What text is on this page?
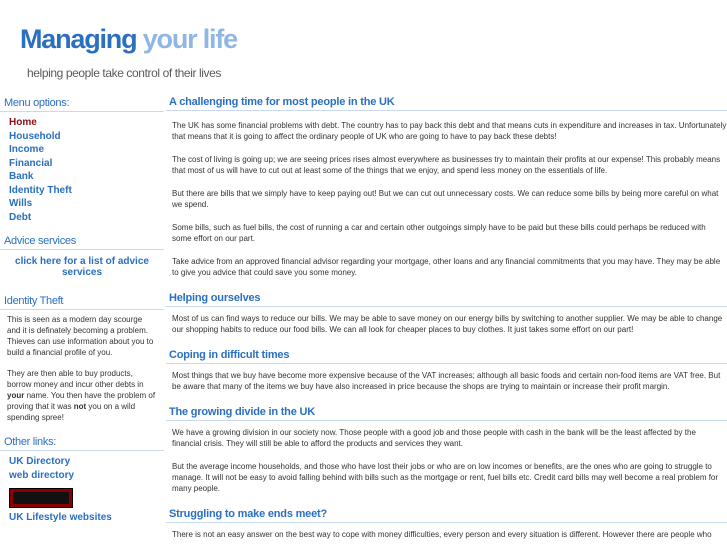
Managing your life
helping people take control of their lives
Menu options:
Home
Household
Income
Financial
Bank
Identity Theft
Wills
Debt
Advice services
click here for a list of advice services
Identity Theft

This is seen as a modern day scourge and it is definately becoming a problem. Thieves can use information about you to build a financial profile of you.

They are then able to buy products, borrow money and incur other debts in your name. You then have the problem of proving that it was not you on a wild spending spree!

Other links:
UK Directory
web directory
UK Lifestyle websites
A challenging time for most people in the UK

The UK has some financial problems with debt. The country has to pay back this debt and that means cuts in expenditure and increases in tax. Unfortunately that means that it is going to affect the ordinary people of UK who are going to have to pay back these debts!

The cost of living is going up; we are seeing prices rises almost everywhere as businesses try to maintain their profits at our expense! This probably means that most of us will have to cut out at least some of the things that we enjoy, and spend less money on the essentials of life.

But there are bills that we simply have to keep paying out! But we can cut out unnecessary costs. We can reduce some bills by being more careful on what we spend.

Some bills, such as fuel bills, the cost of running a car and certain other outgoings simply have to be paid but these bills could perhaps be reduced with some effort on our part.

Take advice from an approved financial advisor regarding your mortgage, other loans and any financial commitments that you may have. They may be able to give you advice that could save you some money.

Helping ourselves

Most of us can find ways to reduce our bills. We may be able to save money on our energy bills by switching to another supplier. We may be able to change our shopping habits to reduce our food bills. We can all look for cheaper places to buy clothes. It just takes some effort on our part!

Coping in difficult times

Most things that we buy have become more expensive because of the VAT increases; although all basic foods and certain non-food items are VAT free. But be aware that many of the items we buy have also increased in price because the shops are trying to maintain or increase their profit margin.

The growing divide in the UK

We have a growing division in our society now. Those people with a good job and those people with cash in the bank will be the least affected by the financial crisis. They will still be able to afford the products and services they want.

But the average income households, and those who have lost their jobs or who are on low incomes or benefits, are the ones who are going to struggle to manage. It will not be easy to avoid falling behind with bills such as the mortgage or rent, fuel bills etc. Credit card bills may well become a real problem for many people.

Struggling to make ends meet?

There is not an easy answer on the best way to cope with money difficulties, every person and every situation is different. However there are people who
